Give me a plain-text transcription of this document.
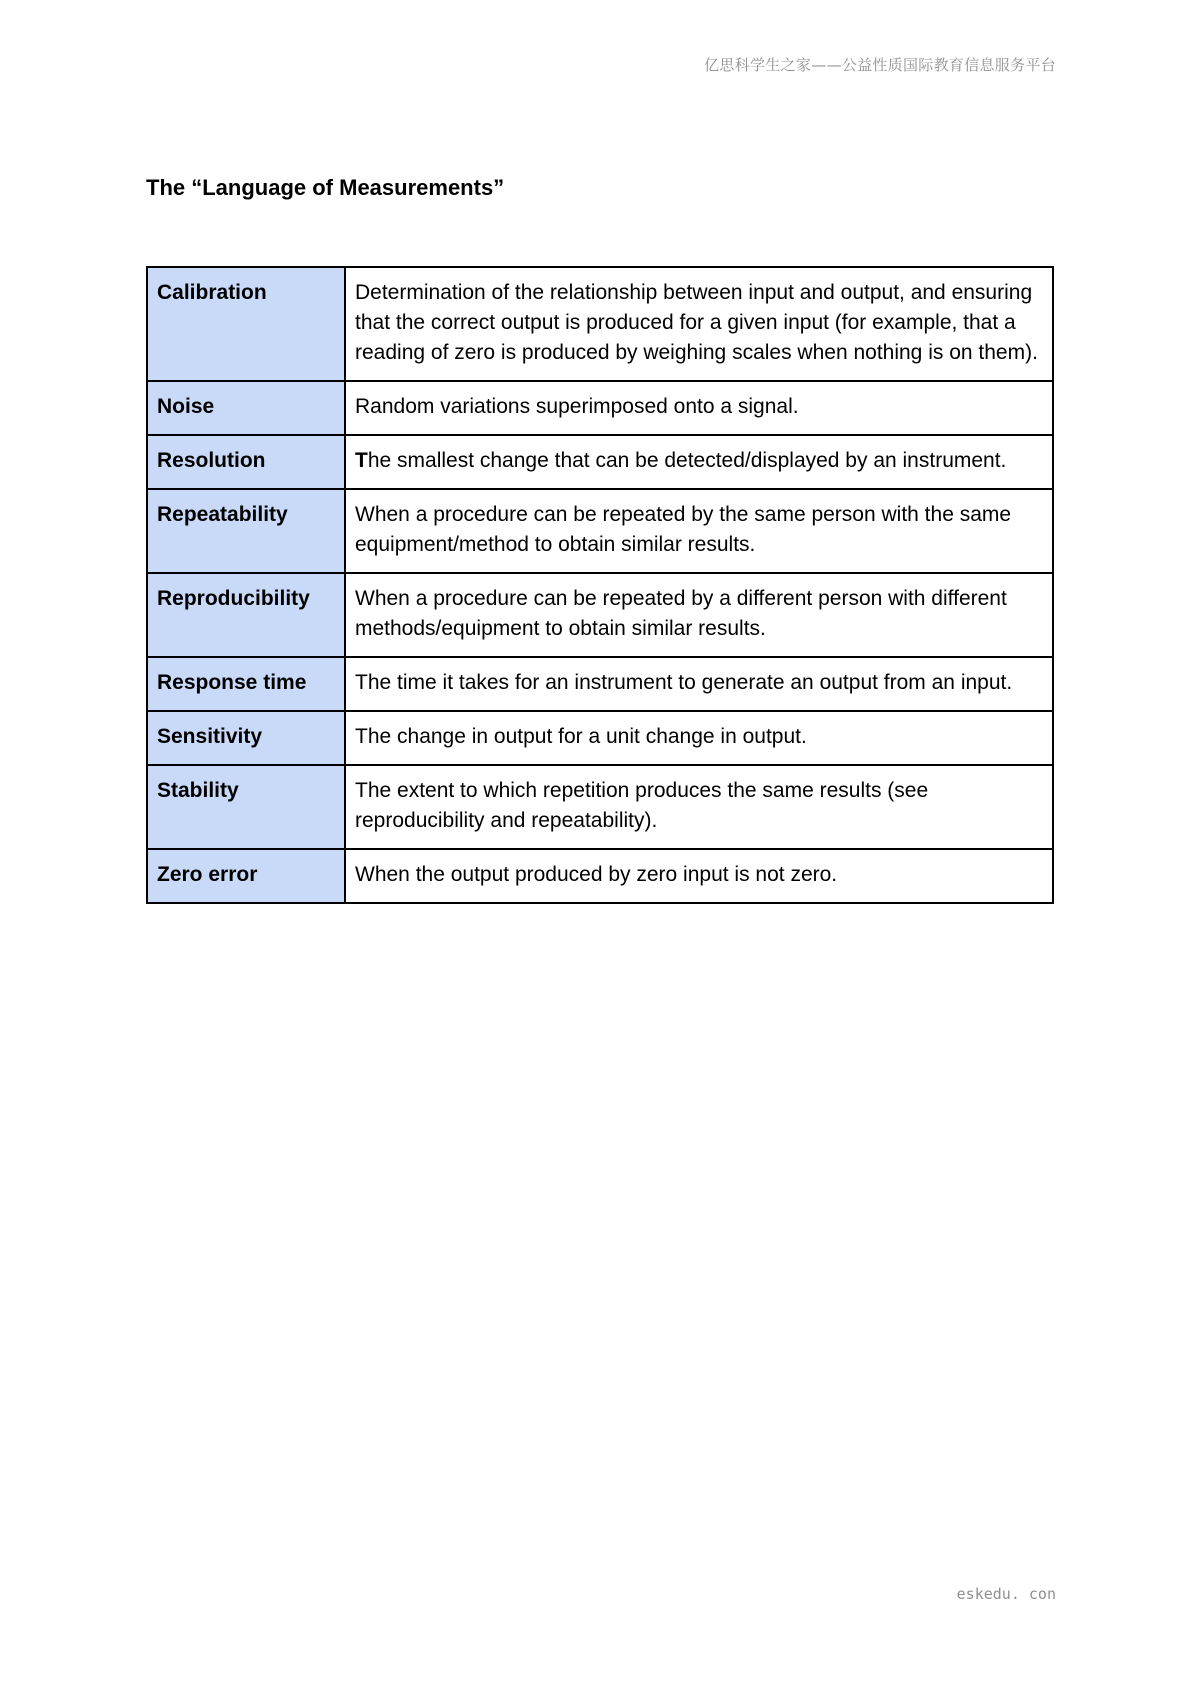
亿思科学生之家——公益性质国际教育信息服务平台
The “Language of Measurements”
Calibration	Determination of the relationship between input and output, and ensuring that the correct output is produced for a given input (for example, that a reading of zero is produced by weighing scales when nothing is on them).
Noise	Random variations superimposed onto a signal.
Resolution	The smallest change that can be detected/displayed by an instrument.
Repeatability	When a procedure can be repeated by the same person with the same equipment/method to obtain similar results.
Reproducibility	When a procedure can be repeated by a different person with different methods/equipment to obtain similar results.
Response time	The time it takes for an instrument to generate an output from an input.
Sensitivity	The change in output for a unit change in output.
Stability	The extent to which repetition produces the same results (see reproducibility and repeatability).
Zero error	When the output produced by zero input is not zero.
eskedu. con
